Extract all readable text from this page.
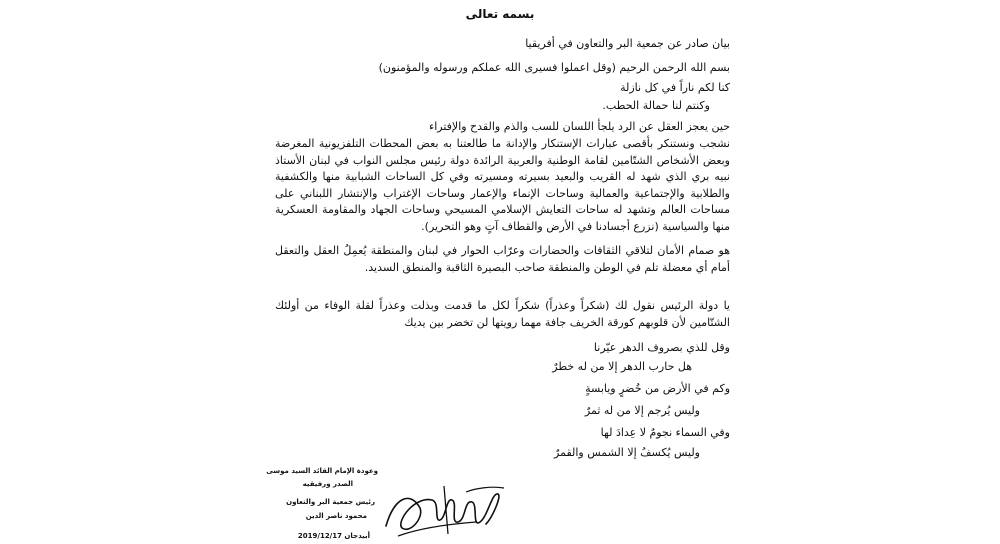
بسمه تعالى
بيان صادر عن جمعية البر والتعاون في أفريقيا
بسم الله الرحمن الرحيم (وقل اعملوا فسيرى الله عملكم ورسوله والمؤمنون)
كنا لكم ناراً في كل نازلة
وكنتم لنا حمالة الحطب.
حين يعجز العقل عن الرد يلجأ اللسان للسب والذم والقدح والإفتراء
نشجب ونستنكر بأقصى عبارات الإستنكار والإدانة ما طالعتنا به بعض المحطات التلفزيونية المغرضة وبعض الأشخاص الشتّامين لقامة الوطنية والعربية الرائدة دولة رئيس مجلس النواب في لبنان الأستاذ نبيه بري الذي شهد له القريب والبعيد بسيرته ومسيرته وفي كل الساحات الشبابية منها والكشفية والطلابية والإجتماعية والعمالية وساحات الإنماء والإعمار وساحات الإغتراب والإنتشار اللبناني على مساحات العالم وتشهد له ساحات التعايش الإسلامي المسيحي وساحات الجهاد والمقاومة العسكرية منها والسياسية (نزرع أجسادنا في الأرض والقطاف آتٍ وهو التحرير).
هو صمام الأمان لتلاقي الثقافات والحضارات وعرّاب الحوار في لبنان والمنطقة يُعمِلُ العقل والتعقل أمام أي معضلة تلم في الوطن والمنطقة صاحب البصيرة الثاقبة والمنطق السديد.
يا دولة الرئيس نقول لك (شكراً وعذراً) شكراً لكل ما قدمت وبذلت وعذراً لقلة الوفاء من أولئك الشتّامين لأن قلوبهم كورقة الخريف جافة مهما رويتها لن تخضر بين يديك
وقل للذي بصروف الدهر عيّرنا
هل حارب الدهر إلا من له خطرٌ
وكم في الأرض من خُضرٍ ويابسةٍ
وليس يُرجم إلا من له ثمرٌ
وفي السماء نجومٌ لا عِدادَ لها
وليس يُكسفُ إلا الشمس والقمرٌ
وعودة الإمام القائد السيد موسى
الصدر ورفيقيه
رئيس جمعية البر والتعاون
محمود ناصر الدين
أبيدجان 2019/12/17
